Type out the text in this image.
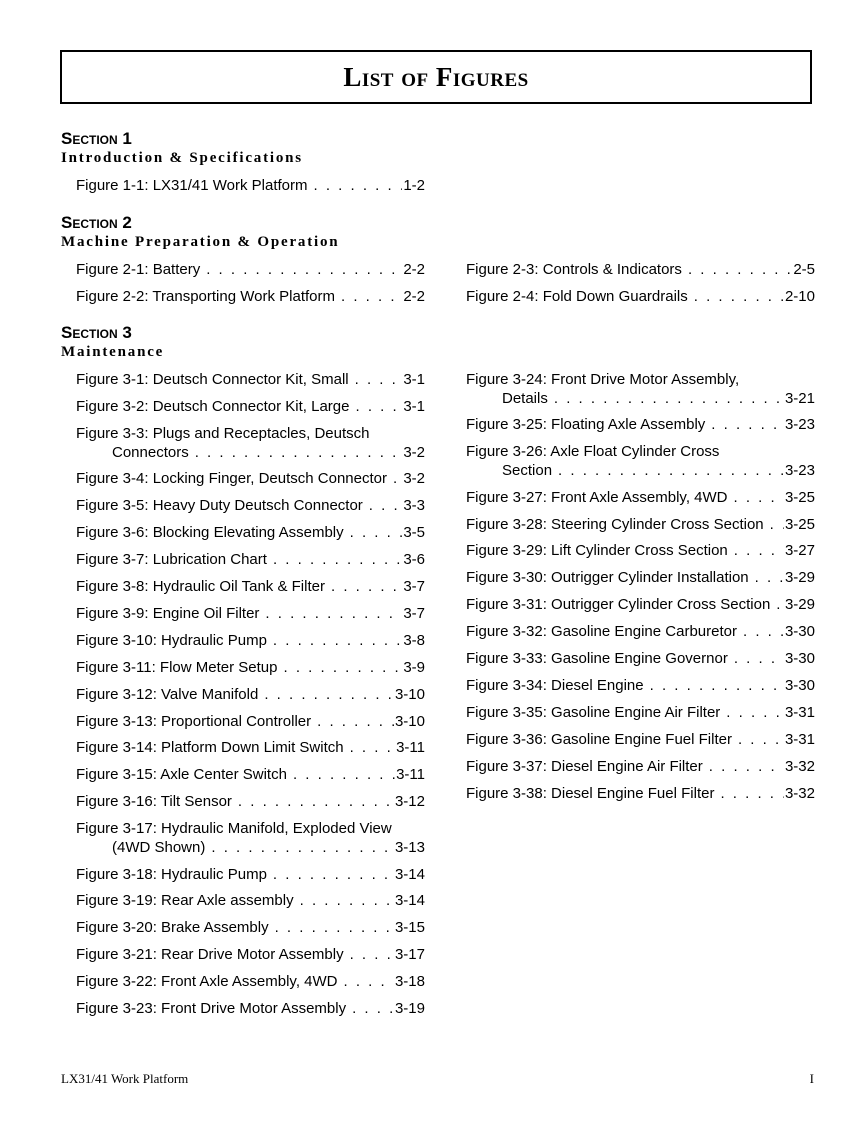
List of Figures
Section 1
Introduction & Specifications
Section 2
Machine Preparation & Operation
Section 3
Maintenance
Figure 1-1: LX31/41 Work Platform . . .	1-2
Figure 2-1: Battery . . .	2-2
Figure 2-2: Transporting Work Platform . . .	2-2
Figure 2-3: Controls & Indicators . . .	2-5
Figure 2-4: Fold Down Guardrails . . .	2-10
Figure 3-1: Deutsch Connector Kit, Small . . .	3-1
Figure 3-2: Deutsch Connector Kit, Large . . .	3-1
Figure 3-3: Plugs and Receptacles, Deutsch
Connectors . . .	3-2
Figure 3-4: Locking Finger, Deutsch Connector . . . 3-2
Figure 3-5: Heavy Duty Deutsch Connector . . .	3-3
Figure 3-6: Blocking Elevating Assembly . . .	3-5
Figure 3-7: Lubrication Chart . . .	3-6
Figure 3-8: Hydraulic Oil Tank & Filter . . .	3-7
Figure 3-9: Engine Oil Filter . . .	3-7
Figure 3-10: Hydraulic Pump . . .	3-8
Figure 3-11: Flow Meter Setup . . .	3-9
Figure 3-12: Valve Manifold . . .	3-10
Figure 3-13: Proportional Controller . . .	3-10
Figure 3-14: Platform Down Limit Switch . . .	3-11
Figure 3-15: Axle Center Switch . . .	3-11
Figure 3-16: Tilt Sensor . . .	3-12
Figure 3-17: Hydraulic Manifold, Exploded View
(4WD Shown) . . .	3-13
Figure 3-18: Hydraulic Pump . . .	3-14
Figure 3-19: Rear Axle assembly . . .	3-14
Figure 3-20: Brake Assembly . . .	3-15
Figure 3-21: Rear Drive Motor Assembly . . .	3-17
Figure 3-22: Front Axle Assembly, 4WD . . .	3-18
Figure 3-23: Front Drive Motor Assembly . . .	3-19
Figure 3-24: Front Drive Motor Assembly,
Details . . .	3-21
Figure 3-25: Floating Axle Assembly . . .	3-23
Figure 3-26: Axle Float Cylinder Cross
Section . . .	3-23
Figure 3-27: Front Axle Assembly, 4WD . . .	3-25
Figure 3-28: Steering Cylinder Cross Section . . . 3-25
Figure 3-29: Lift Cylinder Cross Section . . .	3-27
Figure 3-30: Outrigger Cylinder Installation . . . 3-29
Figure 3-31: Outrigger Cylinder Cross Section . . . 3-29
Figure 3-32: Gasoline Engine Carburetor . . .	3-30
Figure 3-33: Gasoline Engine Governor . . .	3-30
Figure 3-34: Diesel Engine . . .	3-30
Figure 3-35: Gasoline Engine Air Filter . . .	3-31
Figure 3-36: Gasoline Engine Fuel Filter . . .	3-31
Figure 3-37: Diesel Engine Air Filter . . .	3-32
Figure 3-38: Diesel Engine Fuel Filter . . .	3-32
LX31/41 Work Platform	I
